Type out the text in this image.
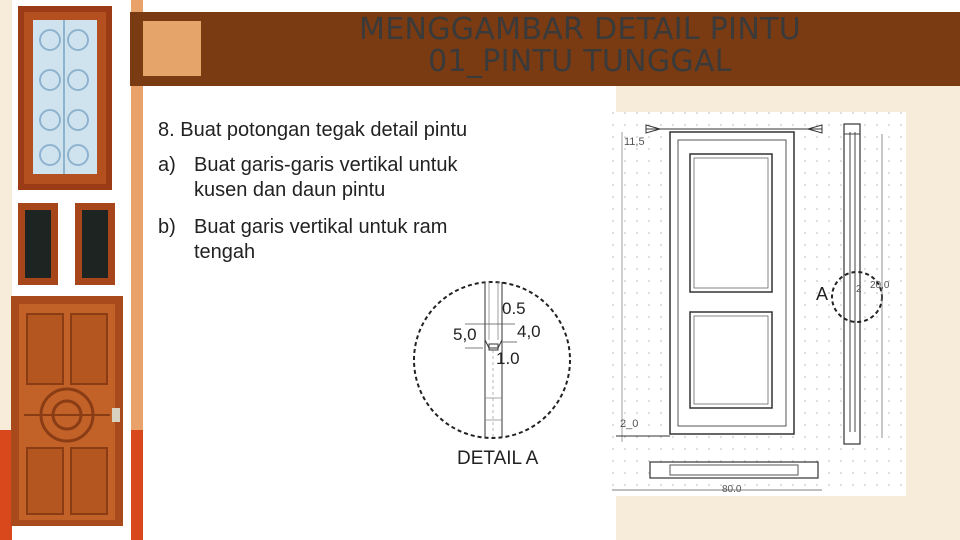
MENGGAMBAR DETAIL PINTU
01_PINTU TUNGGAL
8. Buat potongan tegak detail pintu
a) Buat garis-garis vertikal untuk
kusen dan daun pintu
b) Buat garis vertikal untuk ram
tengah
0.5
5,0 4,0
1.0
DETAIL A
11,5
2_0
A	2 20,0
80.0
